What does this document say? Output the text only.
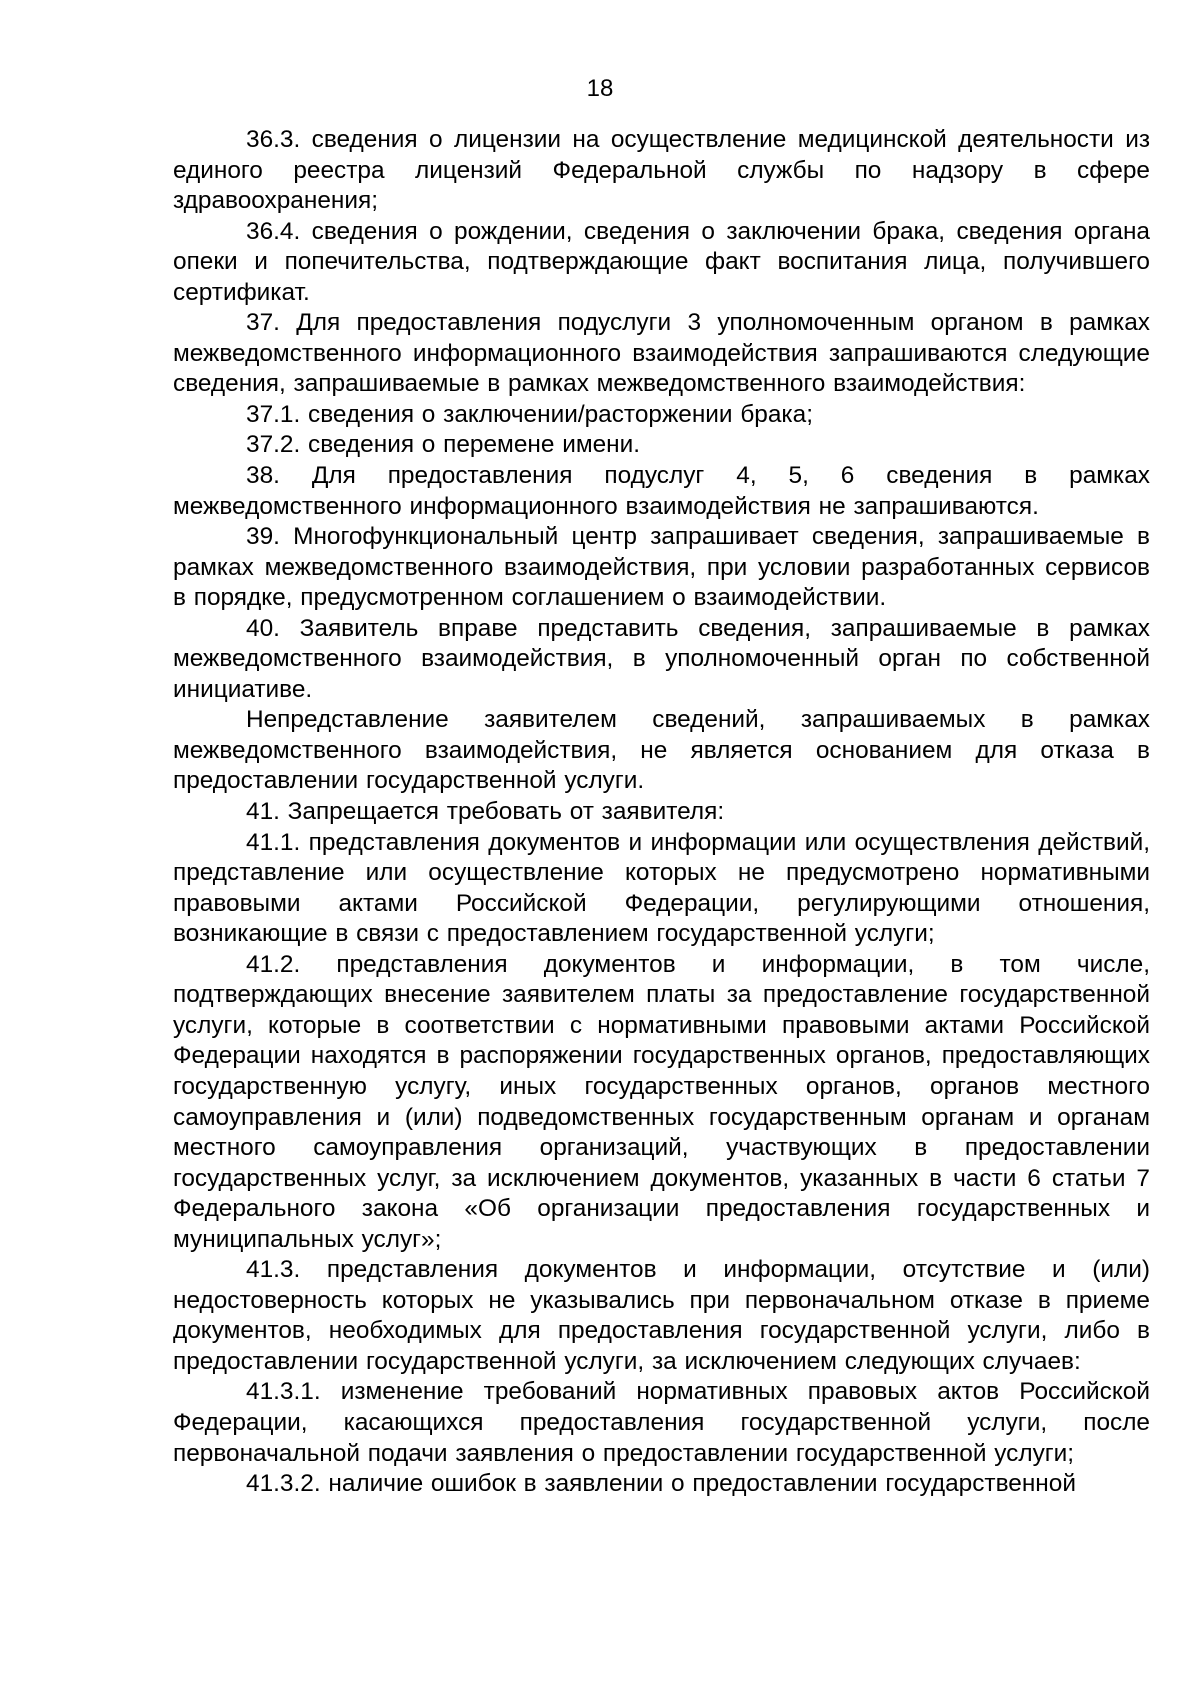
18

36.3. сведения о лицензии на осуществление медицинской деятельности из единого реестра лицензий Федеральной службы по надзору в сфере здравоохранения;

36.4. сведения о рождении, сведения о заключении брака, сведения органа опеки и попечительства, подтверждающие факт воспитания лица, получившего сертификат.

37. Для предоставления подуслуги 3 уполномоченным органом в рамках межведомственного информационного взаимодействия запрашиваются следующие сведения, запрашиваемые в рамках межведомственного взаимодействия:

37.1. сведения о заключении/расторжении брака;

37.2. сведения о перемене имени.

38. Для предоставления подуслуг 4, 5, 6 сведения в рамках межведомственного информационного взаимодействия не запрашиваются.

39. Многофункциональный центр запрашивает сведения, запрашиваемые в рамках межведомственного взаимодействия, при условии разработанных сервисов в порядке, предусмотренном соглашением о взаимодействии.

40. Заявитель вправе представить сведения, запрашиваемые в рамках межведомственного взаимодействия, в уполномоченный орган по собственной инициативе.

Непредставление заявителем сведений, запрашиваемых в рамках межведомственного взаимодействия, не является основанием для отказа в предоставлении государственной услуги.

41. Запрещается требовать от заявителя:

41.1. представления документов и информации или осуществления действий, представление или осуществление которых не предусмотрено нормативными правовыми актами Российской Федерации, регулирующими отношения, возникающие в связи с предоставлением государственной услуги;

41.2. представления документов и информации, в том числе, подтверждающих внесение заявителем платы за предоставление государственной услуги, которые в соответствии с нормативными правовыми актами Российской Федерации находятся в распоряжении государственных органов, предоставляющих государственную услугу, иных государственных органов, органов местного самоуправления и (или) подведомственных государственным органам и органам местного самоуправления организаций, участвующих в предоставлении государственных услуг, за исключением документов, указанных в части 6 статьи 7 Федерального закона «Об организации предоставления государственных и муниципальных услуг»;

41.3. представления документов и информации, отсутствие и (или) недостоверность которых не указывались при первоначальном отказе в приеме документов, необходимых для предоставления государственной услуги, либо в предоставлении государственной услуги, за исключением следующих случаев:

41.3.1. изменение требований нормативных правовых актов Российской Федерации, касающихся предоставления государственной услуги, после первоначальной подачи заявления о предоставлении государственной услуги;

41.3.2. наличие ошибок в заявлении о предоставлении государственной
